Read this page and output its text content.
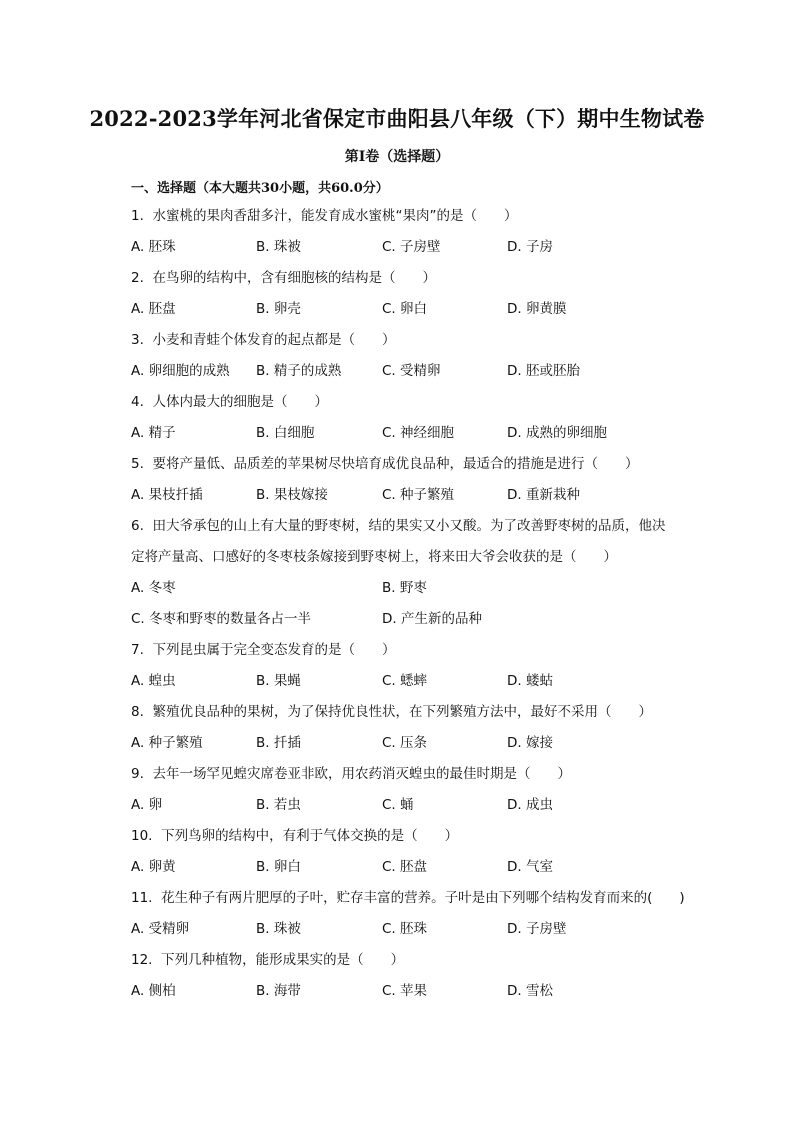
2022-2023学年河北省保定市曲阳县八年级（下）期中生物试卷
第I卷（选择题）
一、选择题（本大题共30小题，共60.0分）
1. 水蜜桃的果肉香甜多汁，能发育成水蜜桃“果肉”的是（　　）
A. 胚珠	B. 珠被	C. 子房壁	D. 子房
2. 在鸟卵的结构中，含有细胞核的结构是（　　）
A. 胚盘	B. 卵壳	C. 卵白	D. 卵黄膜
3. 小麦和青蛙个体发育的起点都是（　　）
A. 卵细胞的成熟 B. 精子的成熟	C. 受精卵	D. 胚或胚胎
4. 人体内最大的细胞是（　　）
A. 精子	B. 白细胞	C. 神经细胞	D. 成熟的卵细胞
5. 要将产量低、品质差的苹果树尽快培育成优良品种，最适合的措施是进行（　　）
A. 果枝扦插	B. 果枝嫁接	C. 种子繁殖	D. 重新栽种
6. 田大爷承包的山上有大量的野枣树，结的果实又小又酸。为了改善野枣树的品质，他决
定将产量高、口感好的冬枣枝条嫁接到野枣树上，将来田大爷会收获的是（　　）
A. 冬枣	B. 野枣
C. 冬枣和野枣的数量各占一半	D. 产生新的品种
7. 下列昆虫属于完全变态发育的是（　　）
A. 蝗虫	B. 果蝇	C. 蟋蟀	D. 蝼蛄
8. 繁殖优良品种的果树，为了保持优良性状，在下列繁殖方法中，最好不采用（　　）
A. 种子繁殖	B. 扦插	C. 压条	D. 嫁接
9. 去年一场罕见蝗灾席卷亚非欧，用农药消灭蝗虫的最佳时期是（　　）
A. 卵	B. 若虫	C. 蛹	D. 成虫
10. 下列鸟卵的结构中，有利于气体交换的是（　　）
A. 卵黄	B. 卵白	C. 胚盘	D. 气室
11. 花生种子有两片肥厚的子叶，贮存丰富的营养。子叶是由下列哪个结构发育而来的(　　)
A. 受精卵	B. 珠被	C. 胚珠	D. 子房壁
12. 下列几种植物，能形成果实的是（　　）
A. 侧柏	B. 海带	C. 苹果	D. 雪松
